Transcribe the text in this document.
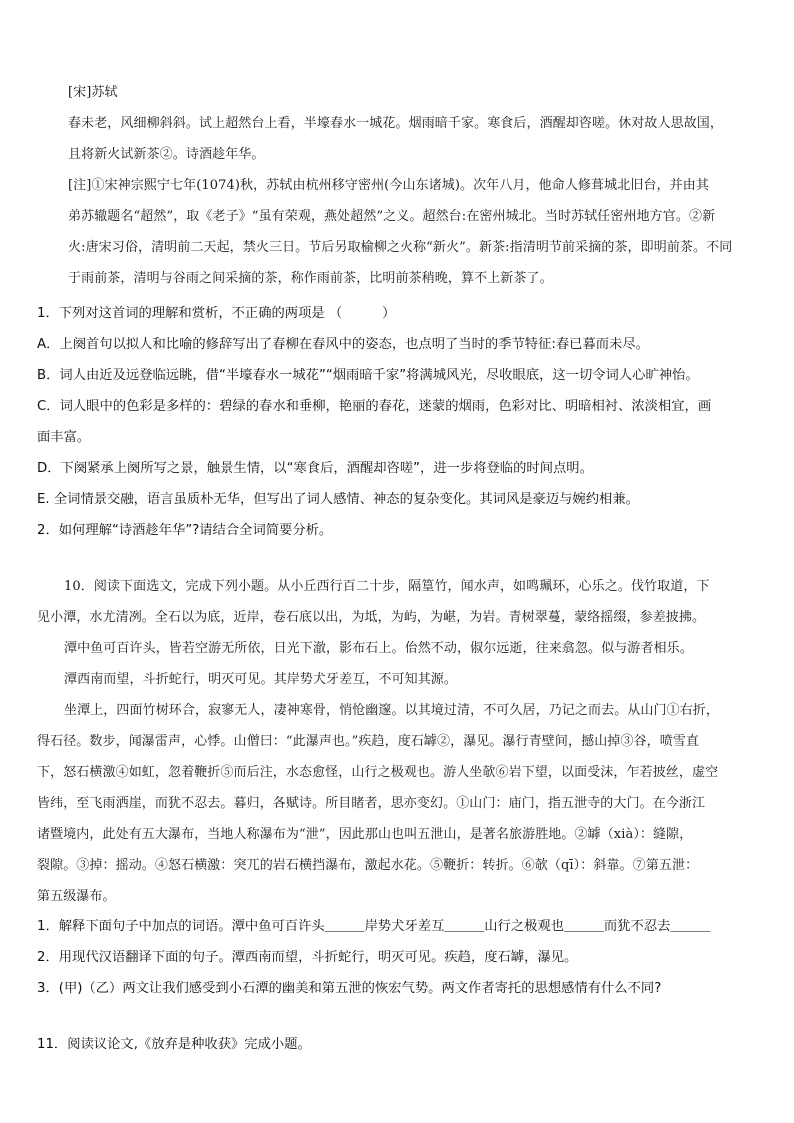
[宋]苏轼
春未老，风细柳斜斜。试上超然台上看，半壕春水一城花。烟雨暗千家。寒食后，酒醒却咨嗟。休对故人思故国，
且将新火试新茶②。诗酒趁年华。
[注]①宋神宗熙宁七年(1074)秋，苏轼由杭州移守密州(今山东诸城)。次年八月，他命人修葺城北旧台，并由其
弟苏辙题名“超然”，取《老子》“虽有荣观，燕处超然”之义。超然台:在密州城北。当时苏轼任密州地方官。②新
火:唐宋习俗，清明前二天起，禁火三日。节后另取榆柳之火称“新火”。新茶:指清明节前采摘的茶，即明前茶。不同
于雨前茶，清明与谷雨之间采摘的茶，称作雨前茶，比明前茶稍晚，算不上新茶了。
1．下列对这首词的理解和赏析，不正确的两项是 （　　　）
A．上阕首句以拟人和比喻的修辞写出了春柳在春风中的姿态，也点明了当时的季节特征:春已暮而未尽。
B．词人由近及远登临远眺，借“半壕春水一城花”“烟雨暗千家”将满城风光，尽收眼底，这一切令词人心旷神怡。
C．词人眼中的色彩是多样的：碧绿的春水和垂柳，艳丽的春花，迷蒙的烟雨，色彩对比、明暗相衬、浓淡相宜，画
面丰富。
D．下阕紧承上阕所写之景，触景生情，以“寒食后，酒醒却咨嗟”，进一步将登临的时间点明。
E. 全词情景交融，语言虽质朴无华，但写出了词人感情、神态的复杂变化。其词风是豪迈与婉约相兼。
2．如何理解“诗酒趁年华”?请结合全词简要分析。
10．阅读下面选文，完成下列小题。从小丘西行百二十步，隔篁竹，闻水声，如鸣珮环，心乐之。伐竹取道，下
见小潭，水尤清冽。全石以为底，近岸，卷石底以出，为坻，为屿，为嵁，为岩。青树翠蔓，蒙络摇缀，参差披拂。
潭中鱼可百许头，皆若空游无所依，日光下澈，影布石上。佁然不动，俶尔远逝，往来翕忽。似与游者相乐。
潭西南而望，斗折蛇行，明灭可见。其岸势犬牙差互，不可知其源。
坐潭上，四面竹树环合，寂寥无人，凄神寒骨，悄怆幽邃。以其境过清，不可久居，乃记之而去。从山门①右折，
得石径。数步，闻瀑雷声，心悸。山僧曰：“此瀑声也。”疾趋，度石罅②，瀑见。瀑行青壁间，撼山掉③谷，喷雪直
下，怒石横激④如虹，忽着鞭折⑤而后注，水态愈怪，山行之极观也。游人坐欹⑥岩下望，以面受沫，乍若披丝，虚空
皆纬，至飞雨洒崖，而犹不忍去。暮归，各赋诗。所目睹者，思亦变幻。①山门：庙门，指五泄寺的大门。在今浙江
诸暨境内，此处有五大瀑布，当地人称瀑布为“泄”，因此那山也叫五泄山，是著名旅游胜地。②罅（xià）：缝隙，
裂隙。③掉：摇动。④怒石横激：突兀的岩石横挡瀑布，激起水花。⑤鞭折：转折。⑥欹（qī）：斜靠。⑦第五泄：
第五级瀑布。
1．解释下面句子中加点的词语。潭中鱼可百许头＿＿＿岸势犬牙差互＿＿＿山行之极观也＿＿＿而犹不忍去＿＿＿
2．用现代汉语翻译下面的句子。潭西南而望，斗折蛇行，明灭可见。疾趋，度石罅，瀑见。
3．(甲)（乙）两文让我们感受到小石潭的幽美和第五泄的恢宏气势。两文作者寄托的思想感情有什么不同?
11．阅读议论文,《放弃是种收获》完成小题。
